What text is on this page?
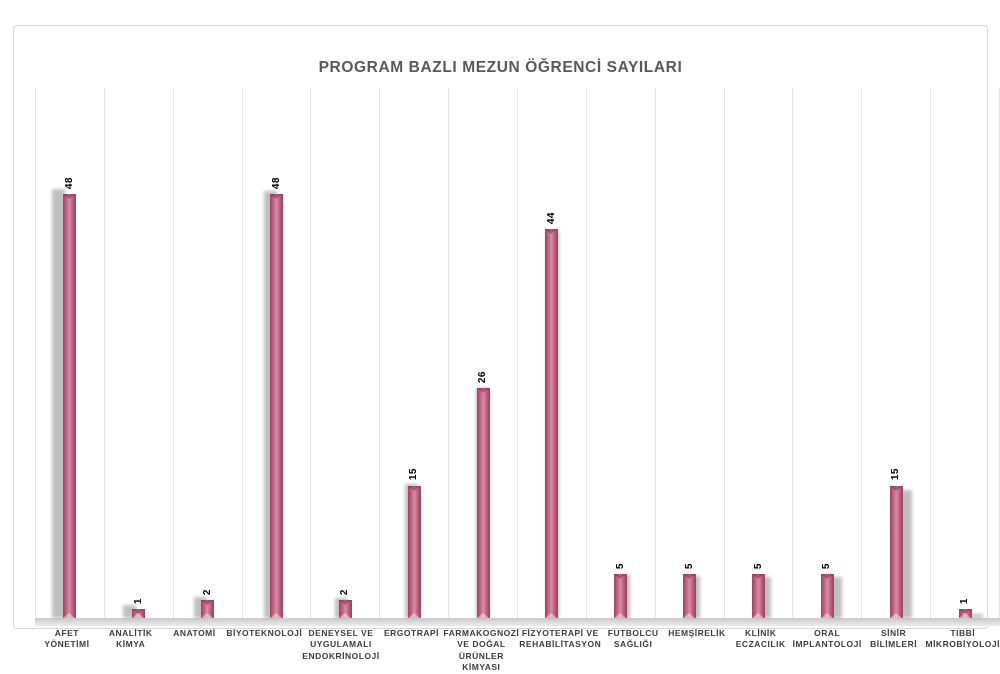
PROGRAM BAZLI MEZUN ÖĞRENCİ SAYILARI
48
1
2
48
2
15
26
44
5	5	5	5
15
1
AFET YÖNETİMİ
ANALİTİK KİMYA
ANATOMİ	BİYOTEKNOLOJİ DENEYSEL VE
UYGULAMALI
ENDOKRİNOLOJİ
ERGOTRAPİ FARMAKOGNOZİ
VE DOĞAL
ÜRÜNLER KİMYASI
FİZYOTERAPİ VE
REHABİLİTASYON
FUTBOLCU
SAĞLIĞI
HEMŞİRELİK	KLİNİK ECZACILIK
ORAL
İMPLANTOLOJİ
SİNİR BİLİMLERİ
TIBBİ
MİKROBİYOLOJİ
